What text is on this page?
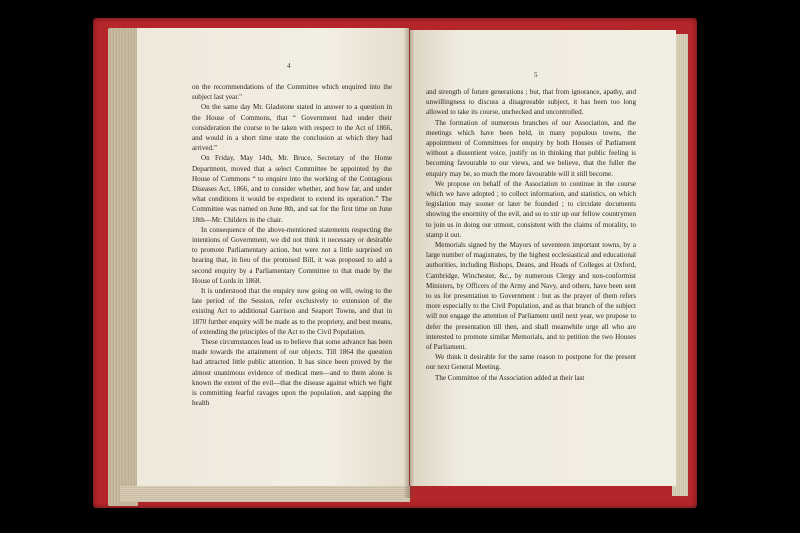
4
5

on the recommendations of the Committee which enquired into the subject last year."

On the same day Mr. Gladstone stated in answer to a question in the House of Commons, that “ Government had under their consideration the course to be taken with respect to the Act of 1866, and would in a short time state the conclusion at which they had arrived.”

On Friday, May 14th, Mr. Bruce, Secretary of the Home Department, moved that a select Committee be appointed by the House of Commons “ to enquire into the working of the Contagious Diseases Act, 1866, and to consider whether, and how far, and under what conditions it would be expedient to extend its operation.” The Committee was named on June 8th, and sat for the first time on June 18th—Mr. Childers in the chair.

In consequence of the above-mentioned statements respecting the intentions of Government, we did not think it necessary or desirable to promote Parliamentary action, but were not a little surprised on hearing that, in lieu of the promised Bill, it was proposed to add a second enquiry by a Parliamentary Committee to that made by the House of Lords in 1868.

It is understood that the enquiry now going on will, owing to the late period of the Session, refer exclusively to extension of the existing Act to additional Garrison and Seaport Towns, and that in 1870 further enquiry will be made as to the propriety, and best means, of extending the principles of the Act to the Civil Population.

These circumstances lead us to believe that some advance has been made towards the attainment of our objects. Till 1864 the question had attracted little public attention. It has since been proved by the almost unanimous evidence of medical men—and to them alone is known the extent of the evil—that the disease against which we fight is committing fearful ravages upon the population, and sapping the health

and strength of future generations ; but, that from ignorance, apathy, and unwillingness to discuss a disagreeable subject, it has been too long allowed to take its course, unchecked and uncontrolled.

The formation of numerous branches of our Association, and the meetings which have been held, in many populous towns, the appointment of Committees for enquiry by both Houses of Parliament without a dissentient voice, justify us in thinking that public feeling is becoming favourable to our views, and we believe, that the fuller the enquiry may be, so much the more favourable will it still become.

We propose on behalf of the Association to continue in the course which we have adopted ; to collect information, and statistics, on which legislation may sooner or later be founded ; to circulate documents showing the enormity of the evil, and so to stir up our fellow countrymen to join us in doing our utmost, consistent with the claims of morality, to stamp it out.

Memorials signed by the Mayors of seventeen important towns, by a large number of magistrates, by the highest ecclesiastical and educational authorities, including Bishops, Deans, and Heads of Colleges at Oxford, Cambridge, Winchester, &c., by numerous Clergy and non-conformist Ministers, by Officers of the Army and Navy, and others, have been sent to us for presentation to Government : but as the prayer of them refers more especially to the Civil Population, and as that branch of the subject will not engage the attention of Parliament until next year, we propose to defer the presentation till then, and shall meanwhile urge all who are interested to promote similar Memorials, and to petition the two Houses of Parliament.

We think it desirable for the same reason to postpone for the present our next General Meeting.

The Committee of the Association added at their last
